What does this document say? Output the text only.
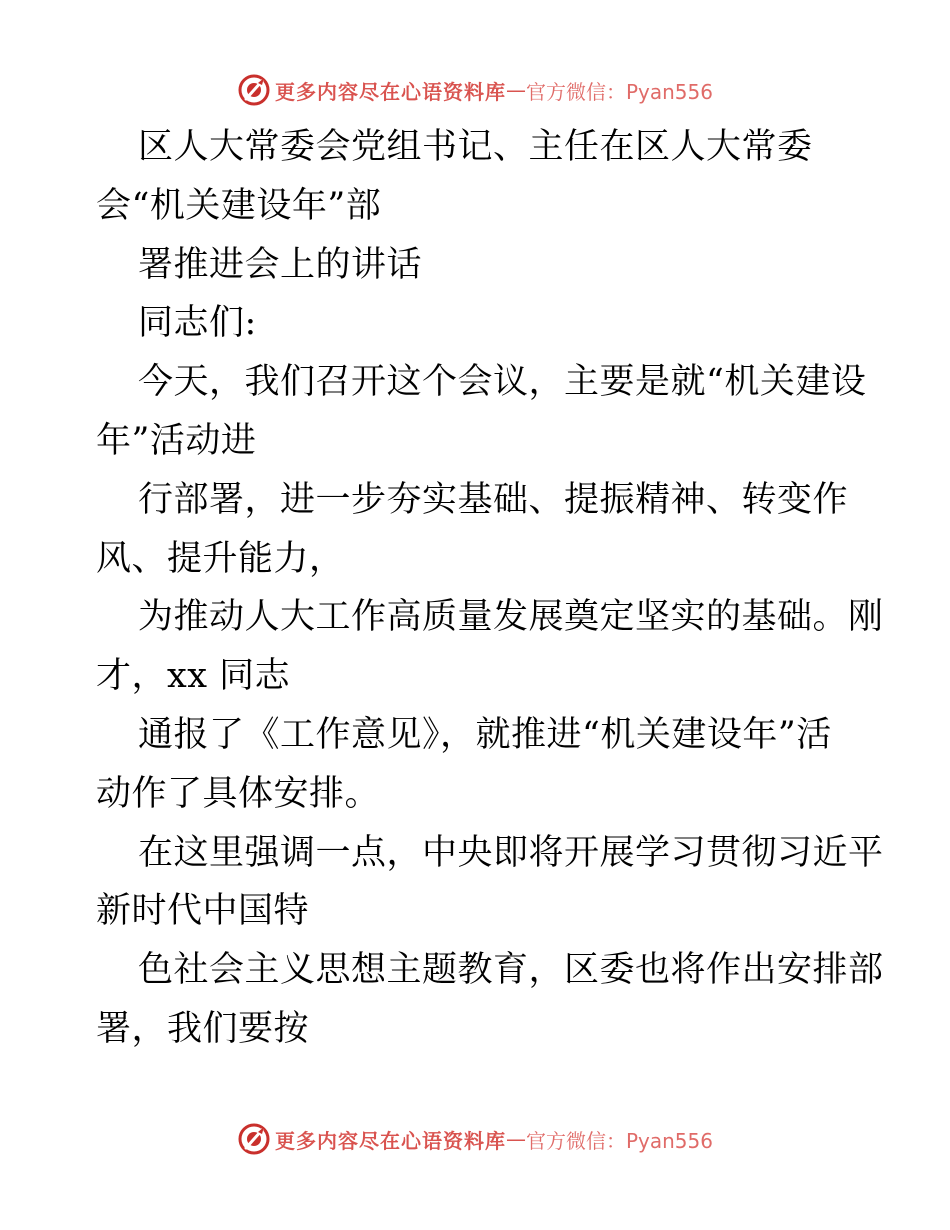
更多内容尽在心语资料库 — 官方微信：Pyan556
区人大常委会党组书记、主任在区人大常委
会“机关建设年”部
署推进会上的讲话
同志们:
今天，我们召开这个会议，主要是就“机关建设
年”活动进
行部署，进一步夯实基础、提振精神、转变作
风、提升能力，
为推动人大工作高质量发展奠定坚实的基础。刚
才，xx 同志
通报了《工作意见》，就推进“机关建设年”活
动作了具体安排。
在这里强调一点，中央即将开展学习贯彻习近平
新时代中国特
色社会主义思想主题教育，区委也将作出安排部
署，我们要按
更多内容尽在心语资料库 — 官方微信：Pyan556
